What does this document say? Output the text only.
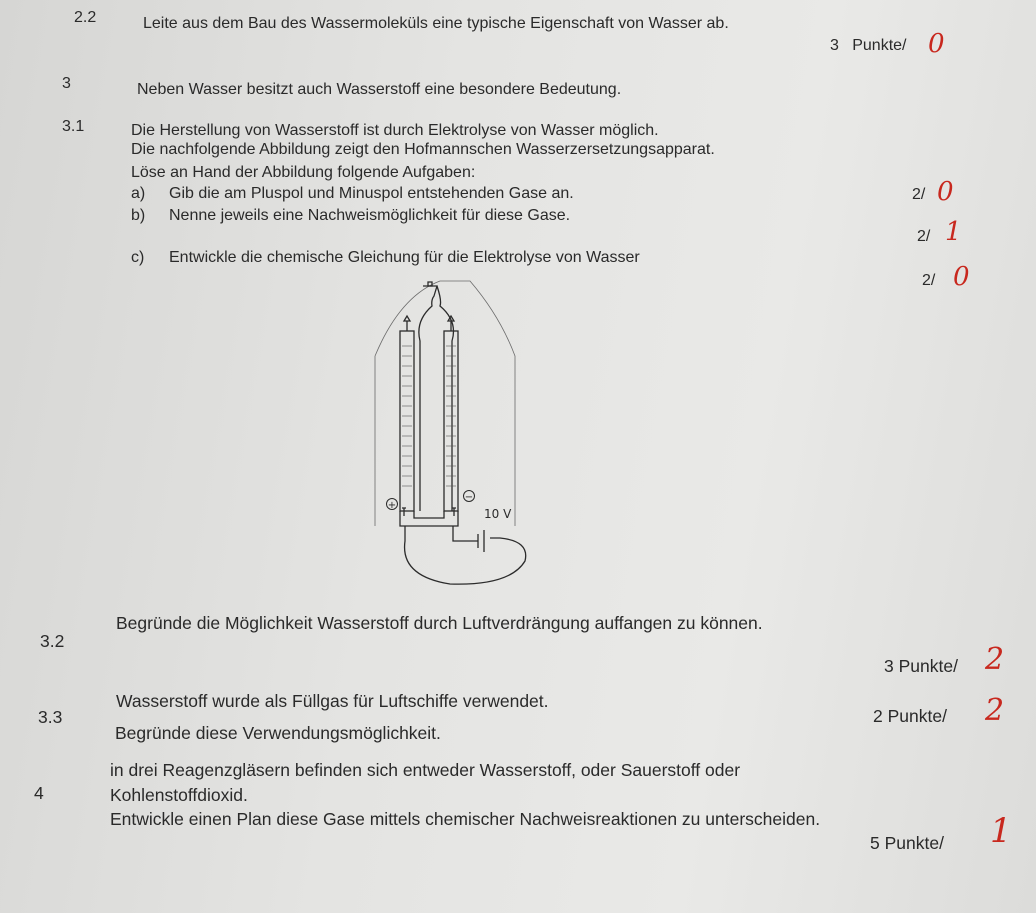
2.2	Leite aus dem Bau des Wassermoleküls eine typische Eigenschaft von Wasser ab.
3   Punkte/ 0
3	Neben Wasser besitzt auch Wasserstoff eine besondere Bedeutung.
3.1	Die Herstellung von Wasserstoff ist durch Elektrolyse von Wasser möglich.
Die nachfolgende Abbildung zeigt den Hofmannschen Wasserzersetzungsapparat.
Löse an Hand der Abbildung folgende Aufgaben:
a) Gib die am Pluspol und Minuspol entstehenden Gase an.	2/ 0
b) Nenne jeweils eine Nachweismöglichkeit für diese Gase.
2/ 1
c) Entwickle die chemische Gleichung für die Elektrolyse von Wasser
2/ 0
+
−
10 V
3.2
Begründe die Möglichkeit Wasserstoff durch Luftverdrängung auffangen zu können.
3 Punkte/ 2
3.3
Wasserstoff wurde als Füllgas für Luftschiffe verwendet.
Begründe diese Verwendungsmöglichkeit.
2 Punkte/ 2
4
in drei Reagenzgläsern befinden sich entweder Wasserstoff, oder Sauerstoff oder
Kohlenstoffdioxid.
Entwickle einen Plan diese Gase mittels chemischer Nachweisreaktionen zu unterscheiden.
5 Punkte/ 1
